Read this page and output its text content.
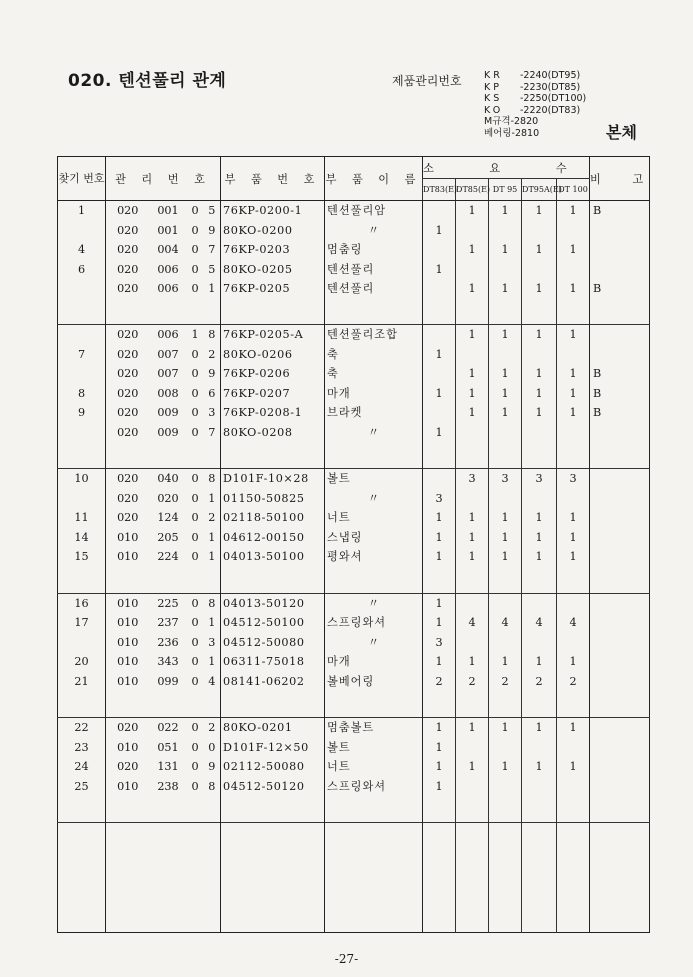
020. 텐션풀리 관계	제품관리번호 KR	-2240(DT95)
KP	-2230(DT85)
KS	-2250(DT100)
KO	-2220(DT83)
M규격 -2820
베어링 -2810	본체
찾기 번호	관 리 번 호				부 품 번 호	부 품 이 름	소 요 수					비 고
							DT83(E)	DT85(E)	DT 95	DT95A(E)	DT 100	
1	020	001	0	5	76KP-0200-1	텐션풀리암		1	1	1	1	B
	020	001	0	9	80KO-0200	〃	1					
4	020	004	0	7	76KP-0203	멈춤링		1	1	1	1	
6	020	006	0	5	80KO-0205	텐션풀리	1					
	020	006	0	1	76KP-0205	텐션풀리		1	1	1	1	B

	020	006	1	8	76KP-0205-A	텐션풀리조합		1	1	1	1	
7	020	007	0	2	80KO-0206	축	1					
	020	007	0	9	76KP-0206	축		1	1	1	1	B
8	020	008	0	6	76KP-0207	마개	1	1	1	1	1	B
9	020	009	0	3	76KP-0208-1	브라켓		1	1	1	1	B
	020	009	0	7	80KO-0208	〃	1					

10	020	040	0	8	D101F-10×28	볼트		3	3	3	3	
	020	020	0	1	01150-50825	〃	3					
11	020	124	0	2	02118-50100	너트	1	1	1	1	1	
14	010	205	0	1	04612-00150	스냅링	1	1	1	1	1	
15	010	224	0	1	04013-50100	평와셔	1	1	1	1	1	

16	010	225	0	8	04013-50120	〃	1					
17	010	237	0	1	04512-50100	스프링와셔	1	4	4	4	4	
	010	236	0	3	04512-50080	〃	3					
20	010	343	0	1	06311-75018	마개	1	1	1	1	1	
21	010	099	0	4	08141-06202	볼베어링	2	2	2	2	2	

22	020	022	0	2	80KO-0201	멈춤볼트	1	1	1	1	1	
23	010	051	0	0	D101F-12×50	볼트	1					
24	020	131	0	9	02112-50080	너트	1	1	1	1	1	
25	010	238	0	8	04512-50120	스프링와셔	1					

-27-
